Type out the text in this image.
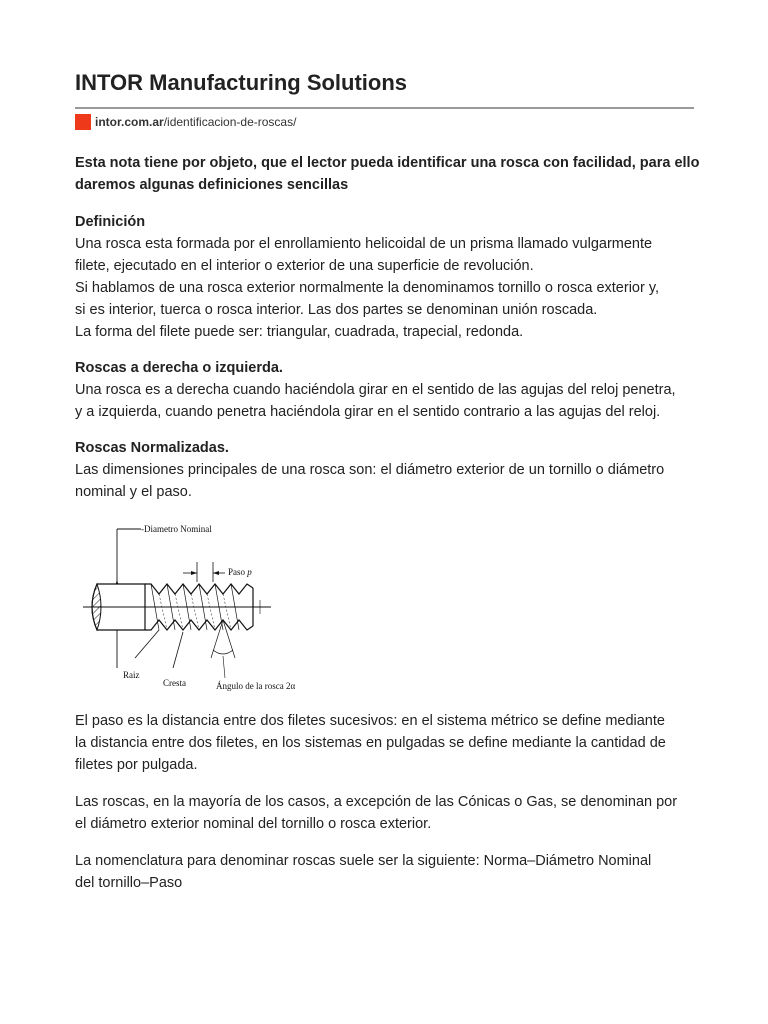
INTOR Manufacturing Solutions
intor.com.ar /identificacion-de-roscas/

Esta nota tiene por objeto, que el lector pueda identificar una rosca con facilidad, para ello
daremos algunas definiciones sencillas

Definición
Una rosca esta formada por el enrollamiento helicoidal de un prisma llamado vulgarmente
filete, ejecutado en el interior o exterior de una superficie de revolución.
Si hablamos de una rosca exterior normalmente la denominamos tornillo o rosca exterior y,
si es interior, tuerca o rosca interior. Las dos partes se denominan unión roscada.
La forma del filete puede ser: triangular, cuadrada, trapecial, redonda.
Roscas a derecha o izquierda.
Una rosca es a derecha cuando haciéndola girar en el sentido de las agujas del reloj penetra,
y a izquierda, cuando penetra haciéndola girar en el sentido contrario a las agujas del reloj.
Roscas Normalizadas.
Las dimensiones principales de una rosca son: el diámetro exterior de un tornillo o diámetro
nominal y el paso.

El paso es la distancia entre dos filetes sucesivos: en el sistema métrico se define mediante
la distancia entre dos filetes, en los sistemas en pulgadas se define mediante la cantidad de
filetes por pulgada.

Las roscas, en la mayoría de los casos, a excepción de las Cónicas o Gas, se denominan por
el diámetro exterior nominal del tornillo o rosca exterior.

La nomenclatura para denominar roscas suele ser la siguiente: Norma–Diámetro Nominal
del tornillo–Paso

-Diametro Nominal
Paso p
Raiz
Cresta	Ángulo de la rosca 2α
